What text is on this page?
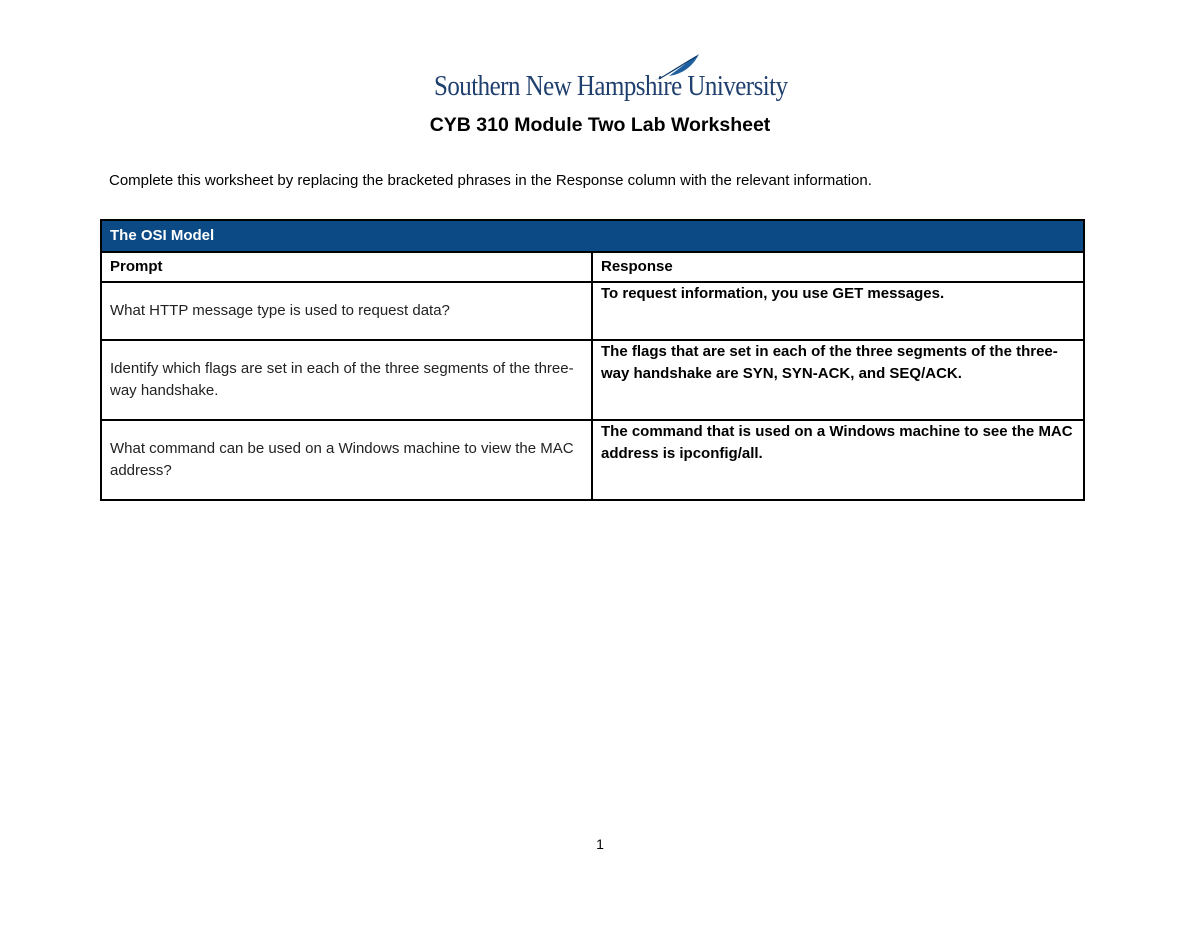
Southern New Hampshire University
CYB 310 Module Two Lab Worksheet
Complete this worksheet by replacing the bracketed phrases in the Response column with the relevant information.
The OSI Model	
Prompt	Response
What HTTP message type is used to request data?	To request information, you use GET messages.
Identify which flags are set in each of the three segments of the three-way handshake.	The flags that are set in each of the three segments of the three-way handshake are SYN, SYN-ACK, and SEQ/ACK.
What command can be used on a Windows machine to view the MAC address?	The command that is used on a Windows machine to see the MAC address is ipconfig/all.
1
